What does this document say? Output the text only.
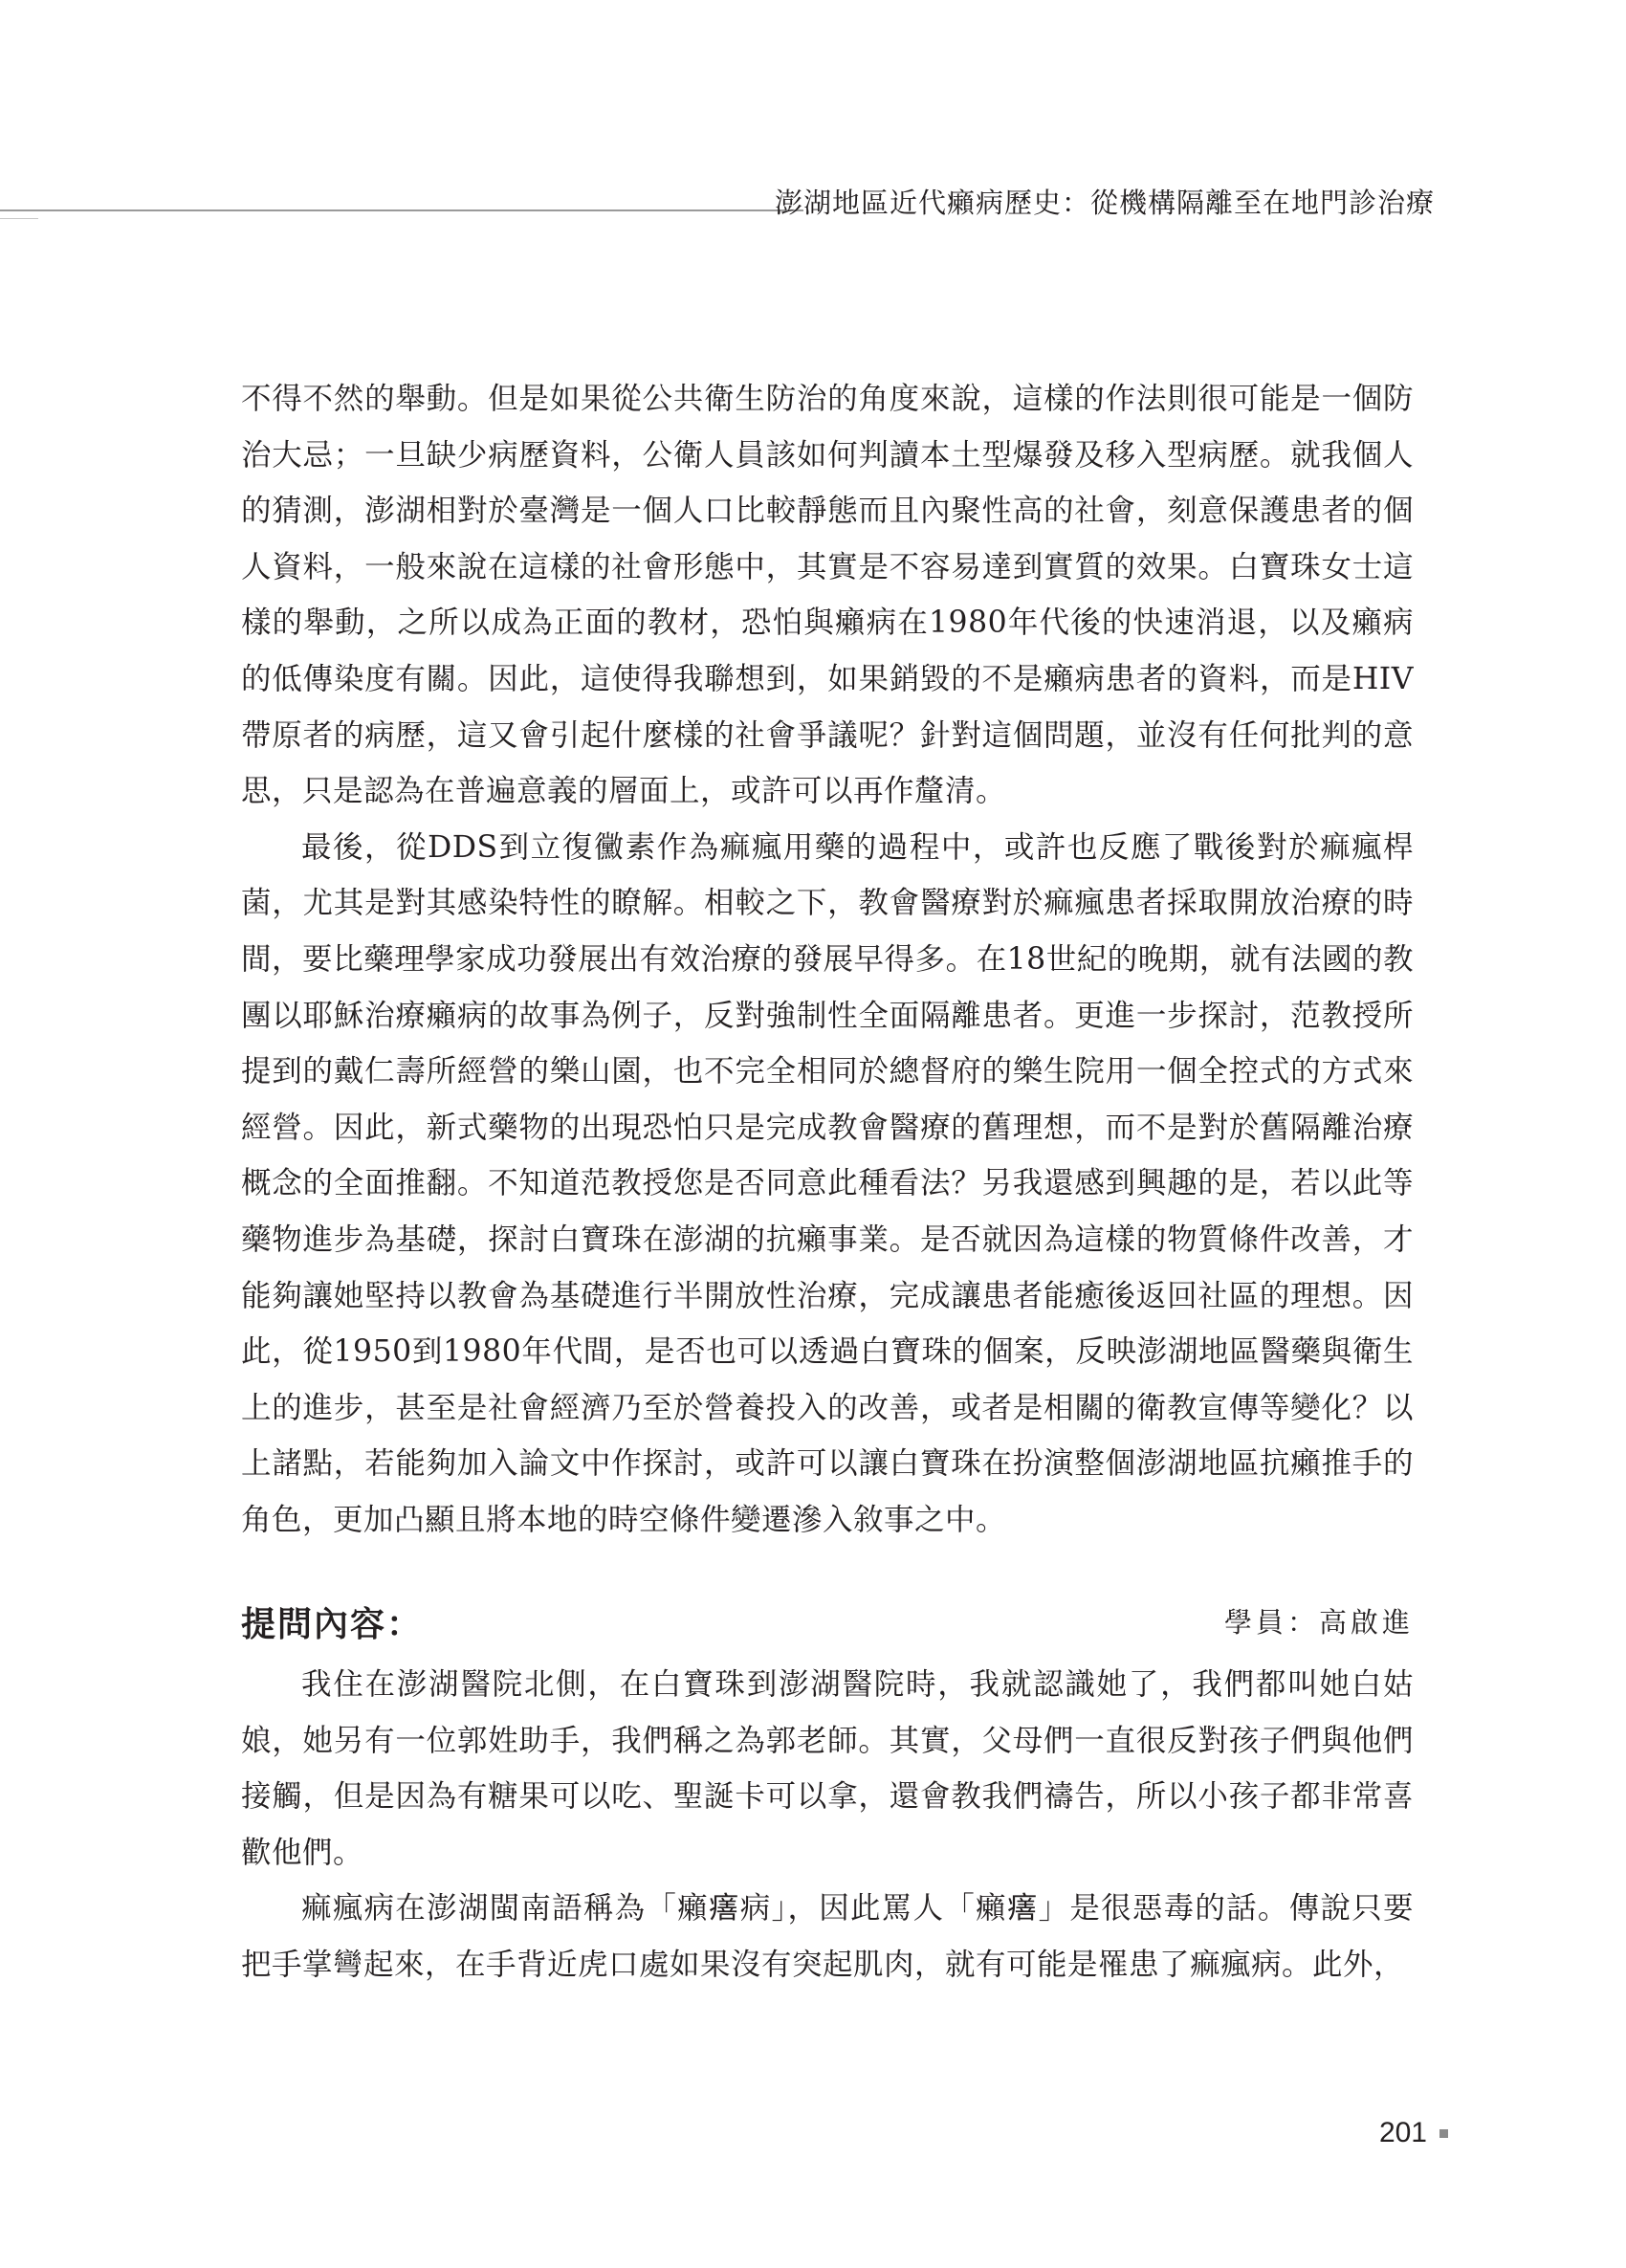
澎湖地區近代癩病歷史：從機構隔離至在地門診治療

不得不然的舉動。但是如果從公共衛生防治的角度來說，這樣的作法則很可能是一個防治大忌；一旦缺少病歷資料，公衛人員該如何判讀本土型爆發及移入型病歷。就我個人的猜測，澎湖相對於臺灣是一個人口比較靜態而且內聚性高的社會，刻意保護患者的個人資料，一般來說在這樣的社會形態中，其實是不容易達到實質的效果。白寶珠女士這樣的舉動，之所以成為正面的教材，恐怕與癩病在1980年代後的快速消退，以及癩病的低傳染度有關。因此，這使得我聯想到，如果銷毀的不是癩病患者的資料，而是HIV帶原者的病歷，這又會引起什麼樣的社會爭議呢？針對這個問題，並沒有任何批判的意思，只是認為在普遍意義的層面上，或許可以再作釐清。

最後，從DDS到立復黴素作為痲瘋用藥的過程中，或許也反應了戰後對於痲瘋桿菌，尤其是對其感染特性的瞭解。相較之下，教會醫療對於痲瘋患者採取開放治療的時間，要比藥理學家成功發展出有效治療的發展早得多。在18世紀的晚期，就有法國的教團以耶穌治療癩病的故事為例子，反對強制性全面隔離患者。更進一步探討，范教授所提到的戴仁壽所經營的樂山園，也不完全相同於總督府的樂生院用一個全控式的方式來經營。因此，新式藥物的出現恐怕只是完成教會醫療的舊理想，而不是對於舊隔離治療概念的全面推翻。不知道范教授您是否同意此種看法？另我還感到興趣的是，若以此等藥物進步為基礎，探討白寶珠在澎湖的抗癩事業。是否就因為這樣的物質條件改善，才能夠讓她堅持以教會為基礎進行半開放性治療，完成讓患者能癒後返回社區的理想。因此，從1950到1980年代間，是否也可以透過白寶珠的個案，反映澎湖地區醫藥與衛生上的進步，甚至是社會經濟乃至於營養投入的改善，或者是相關的衛教宣傳等變化？以上諸點，若能夠加入論文中作探討，或許可以讓白寶珠在扮演整個澎湖地區抗癩推手的角色，更加凸顯且將本地的時空條件變遷滲入敘事之中。

提問內容：	學員：高啟進

我住在澎湖醫院北側，在白寶珠到澎湖醫院時，我就認識她了，我們都叫她白姑娘，她另有一位郭姓助手，我們稱之為郭老師。其實，父母們一直很反對孩子們與他們接觸，但是因為有糖果可以吃、聖誕卡可以拿，還會教我們禱告，所以小孩子都非常喜歡他們。

痲瘋病在澎湖閩南語稱為「癩𤺪病」，因此罵人「癩𤺪」是很惡毒的話。傳說只要把手掌彎起來，在手背近虎口處如果沒有突起肌肉，就有可能是罹患了痲瘋病。此外，

201
